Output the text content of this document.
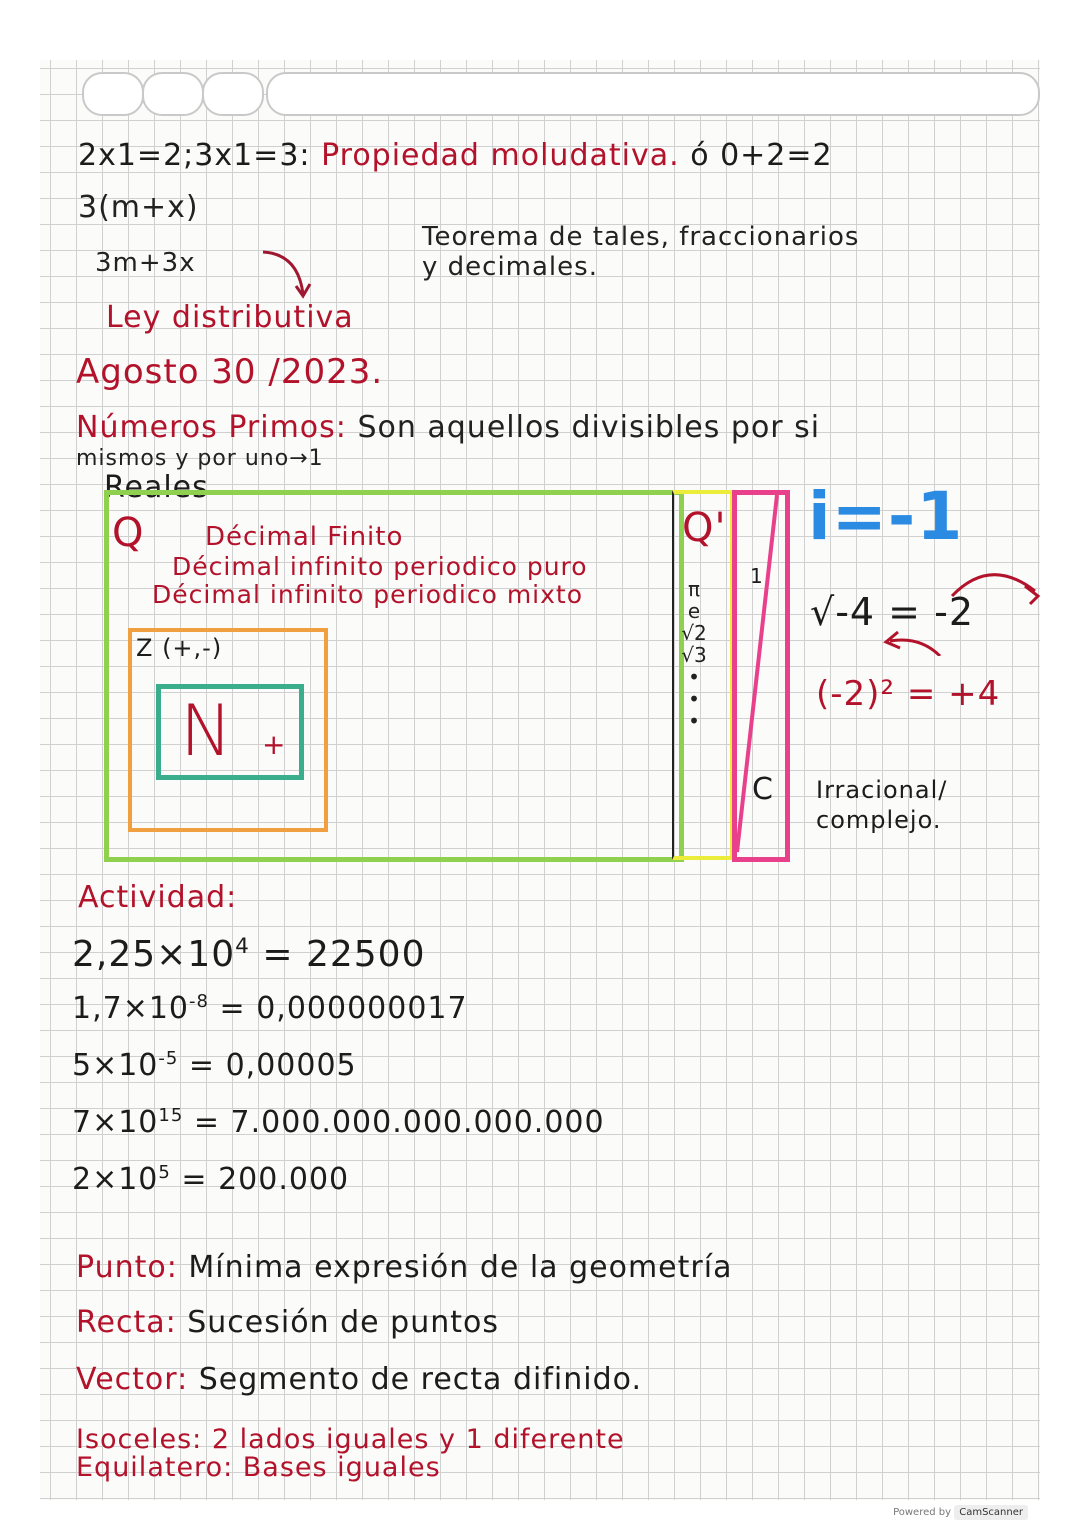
2x1=2;3x1=3: Propiedad moludativa. ó 0+2=2
3(m+x)
3m+3x
Teorema de tales, fraccionarios
y decimales.
Ley distributiva
Agosto 30 /2023.
Números Primos: Son aquellos divisibles por si
mismos y por uno→1
Reales
Q Décimal Finito
Décimal infinito periodico puro
Décimal infinito periodico mixto
Z (+,-)
N +
Q'
π
e
√2
√3
•
•
•
1
C
i=-1
√-4 = -2
(-2)² = +4
Irracional/
complejo.
Actividad:
$2,25\times 10^4 = 22500$
$1,7\times 10^{-8} = 0,000000017$
$5\times 10^{-5} = 0,00005$
$7\times 10^{15} = 7.000.000.000.000.000$
$2\times 10^5 = 200.000$
Punto: Mínima expresión de la geometría
Recta: Sucesión de puntos
Vector: Segmento de recta difinido.
Isoceles: 2 lados iguales y 1 diferente
Equilatero: Bases iguales
Powered by CamScanner
